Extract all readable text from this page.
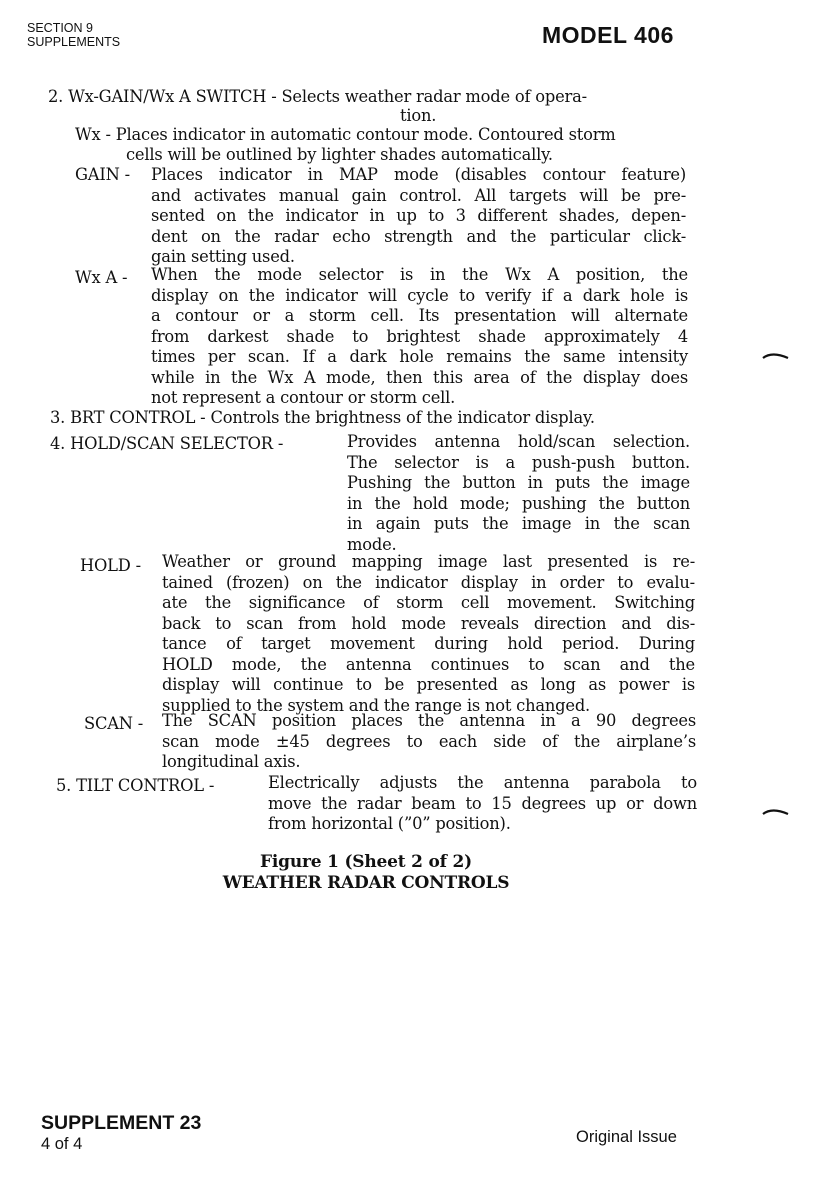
SECTION 9
SUPPLEMENTS	MODEL 406
2. Wx-GAIN/Wx A SWITCH - Selects weather radar mode of opera-
tion.
Wx - Places indicator in automatic contour mode. Contoured storm
cells will be outlined by lighter shades automatically.
GAIN - Places indicator in MAP mode (disables contour feature)
and activates manual gain control. All targets will be pre-
sented on the indicator in up to 3 different shades, depen-
dent on the radar echo strength and the particular click-
gain setting used.
Wx A - When the mode selector is in the Wx A position, the
display on the indicator will cycle to verify if a dark hole is
a contour or a storm cell. Its presentation will alternate
from darkest shade to brightest shade approximately 4
times per scan. If a dark hole remains the same intensity
while in the Wx A mode, then this area of the display does
not represent a contour or storm cell.
3. BRT CONTROL - Controls the brightness of the indicator display.
4. HOLD/SCAN SELECTOR -	Provides antenna hold/scan selection.
The selector is a push-push button.
Pushing the button in puts the image
in the hold mode; pushing the button
in again puts the image in the scan
mode.
HOLD - Weather or ground mapping image last presented is re-
tained (frozen) on the indicator display in order to evalu-
ate the significance of storm cell movement. Switching
back to scan from hold mode reveals direction and dis-
tance of target movement during hold period. During
HOLD mode, the antenna continues to scan and the
display will continue to be presented as long as power is
supplied to the system and the range is not changed.
SCAN - The SCAN position places the antenna in a 90 degrees
scan mode ±45 degrees to each side of the airplane’s
longitudinal axis.
5. TILT CONTROL -	Electrically adjusts the antenna parabola to
move the radar beam to 15 degrees up or down
from horizontal (”0” position).
Figure 1 (Sheet 2 of 2)
WEATHER RADAR CONTROLS
SUPPLEMENT 23
4 of 4	Original Issue
